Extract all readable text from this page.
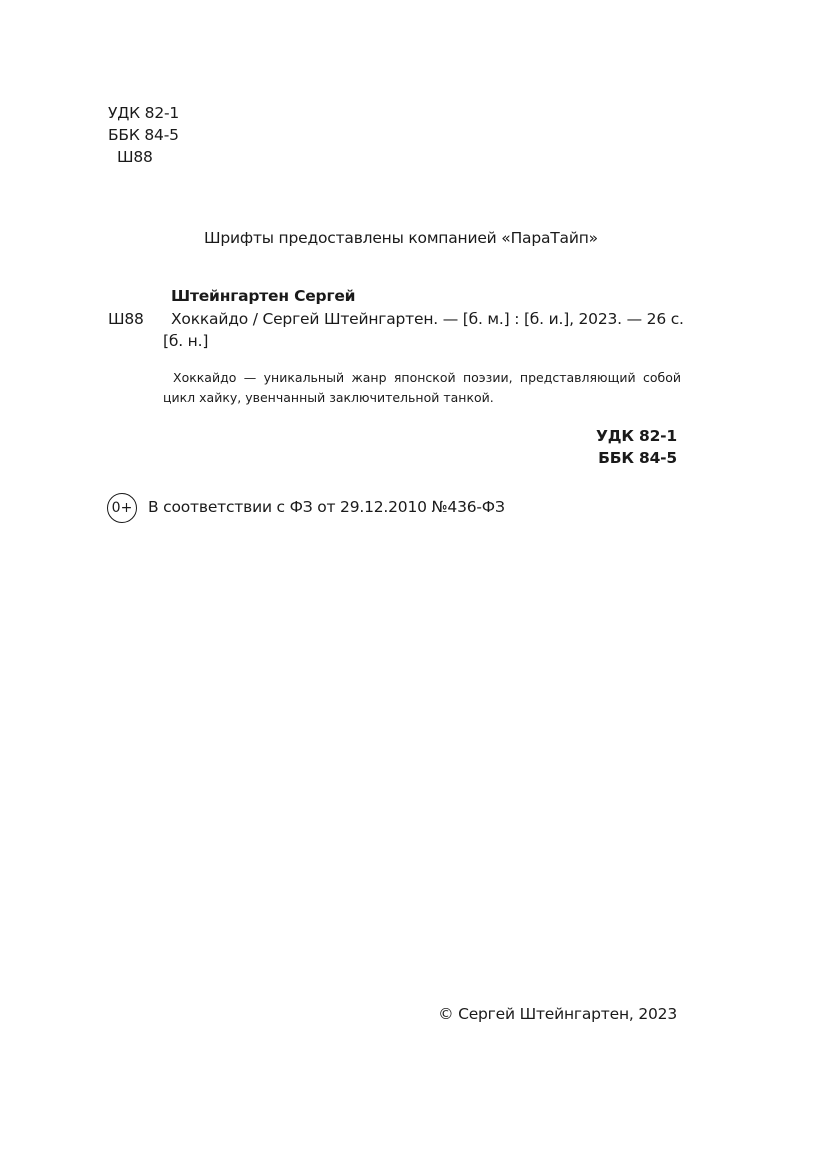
УДК 82-1
ББК 84-5
Ш88
Шрифты предоставлены компанией «ПараТайп»
Штейнгартен Сергей
Ш88 Хоккайдо / Сергей Штейнгартен. — [б. м.] : [б. и.], 2023. — 26 с.
[б. н.]
Хоккайдо — уникальный жанр японской поэзии, представляющий собой цикл хайку, увенчанный заключительной танкой.
УДК 82-1
ББК 84-5
0+ В соответствии с ФЗ от 29.12.2010 №436-ФЗ
© Сергей Штейнгартен, 2023
